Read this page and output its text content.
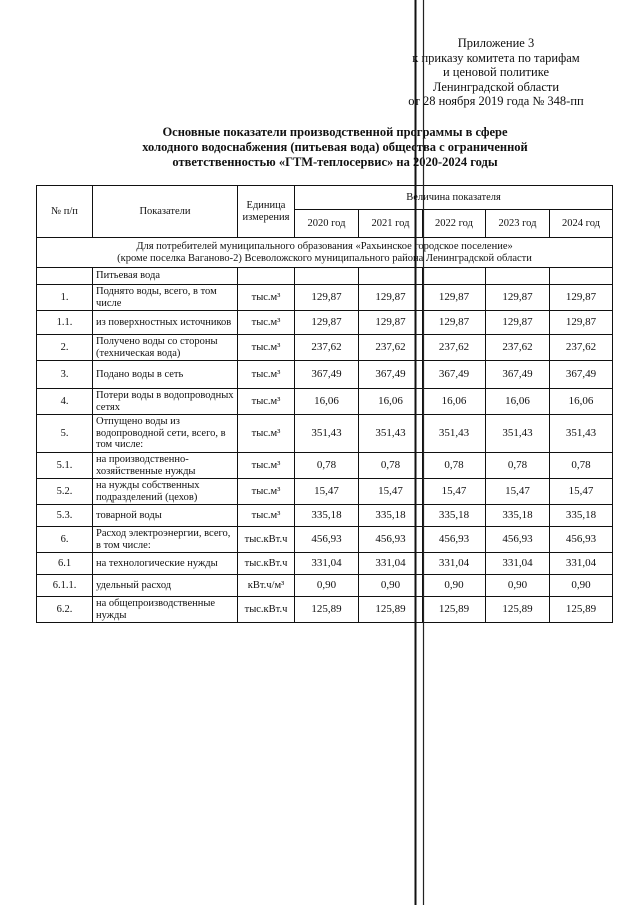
Приложение 3
к приказу комитета по тарифам
и ценовой политике
Ленинградской области
от 28 ноября 2019 года № 348-пп
Основные показатели производственной программы в сфере
холодного водоснабжения (питьевая вода) общества с ограниченной
ответственностью «ГТМ-теплосервис» на 2020-2024 годы
№ п/п	Показатели	Единица измерения	Величина показателя				
			2020 год	2021 год	2022 год	2023 год	2024 год

Для потребителей муниципального образования «Рахьинское городское поселение»
(кроме поселка Ваганово-2) Всеволожского муниципального района Ленинградской области							

	Питьевая вода						
1.	Поднято воды, всего, в том числе	тыс.м³	129,87	129,87	129,87	129,87	129,87
1.1.	из поверхностных источников	тыс.м³	129,87	129,87	129,87	129,87	129,87
2.	Получено воды со стороны (техническая вода)	тыс.м³	237,62	237,62	237,62	237,62	237,62
3.	Подано воды в сеть	тыс.м³	367,49	367,49	367,49	367,49	367,49
4.	Потери воды в водопроводных сетях	тыс.м³	16,06	16,06	16,06	16,06	16,06
5.	Отпущено воды из водопроводной сети, всего, в том числе:	тыс.м³	351,43	351,43	351,43	351,43	351,43
5.1.	на производственно-хозяйственные нужды	тыс.м³	0,78	0,78	0,78	0,78	0,78
5.2.	на нужды собственных подразделений (цехов)	тыс.м³	15,47	15,47	15,47	15,47	15,47
5.3.	товарной воды	тыс.м³	335,18	335,18	335,18	335,18	335,18
6.	Расход электроэнергии, всего, в том числе:	тыс.кВт.ч	456,93	456,93	456,93	456,93	456,93
6.1	на технологические нужды	тыс.кВт.ч	331,04	331,04	331,04	331,04	331,04
6.1.1.	удельный расход	кВт.ч/м³	0,90	0,90	0,90	0,90	0,90
6.2.	на общепроизводственные нужды	тыс.кВт.ч	125,89	125,89	125,89	125,89	125,89
